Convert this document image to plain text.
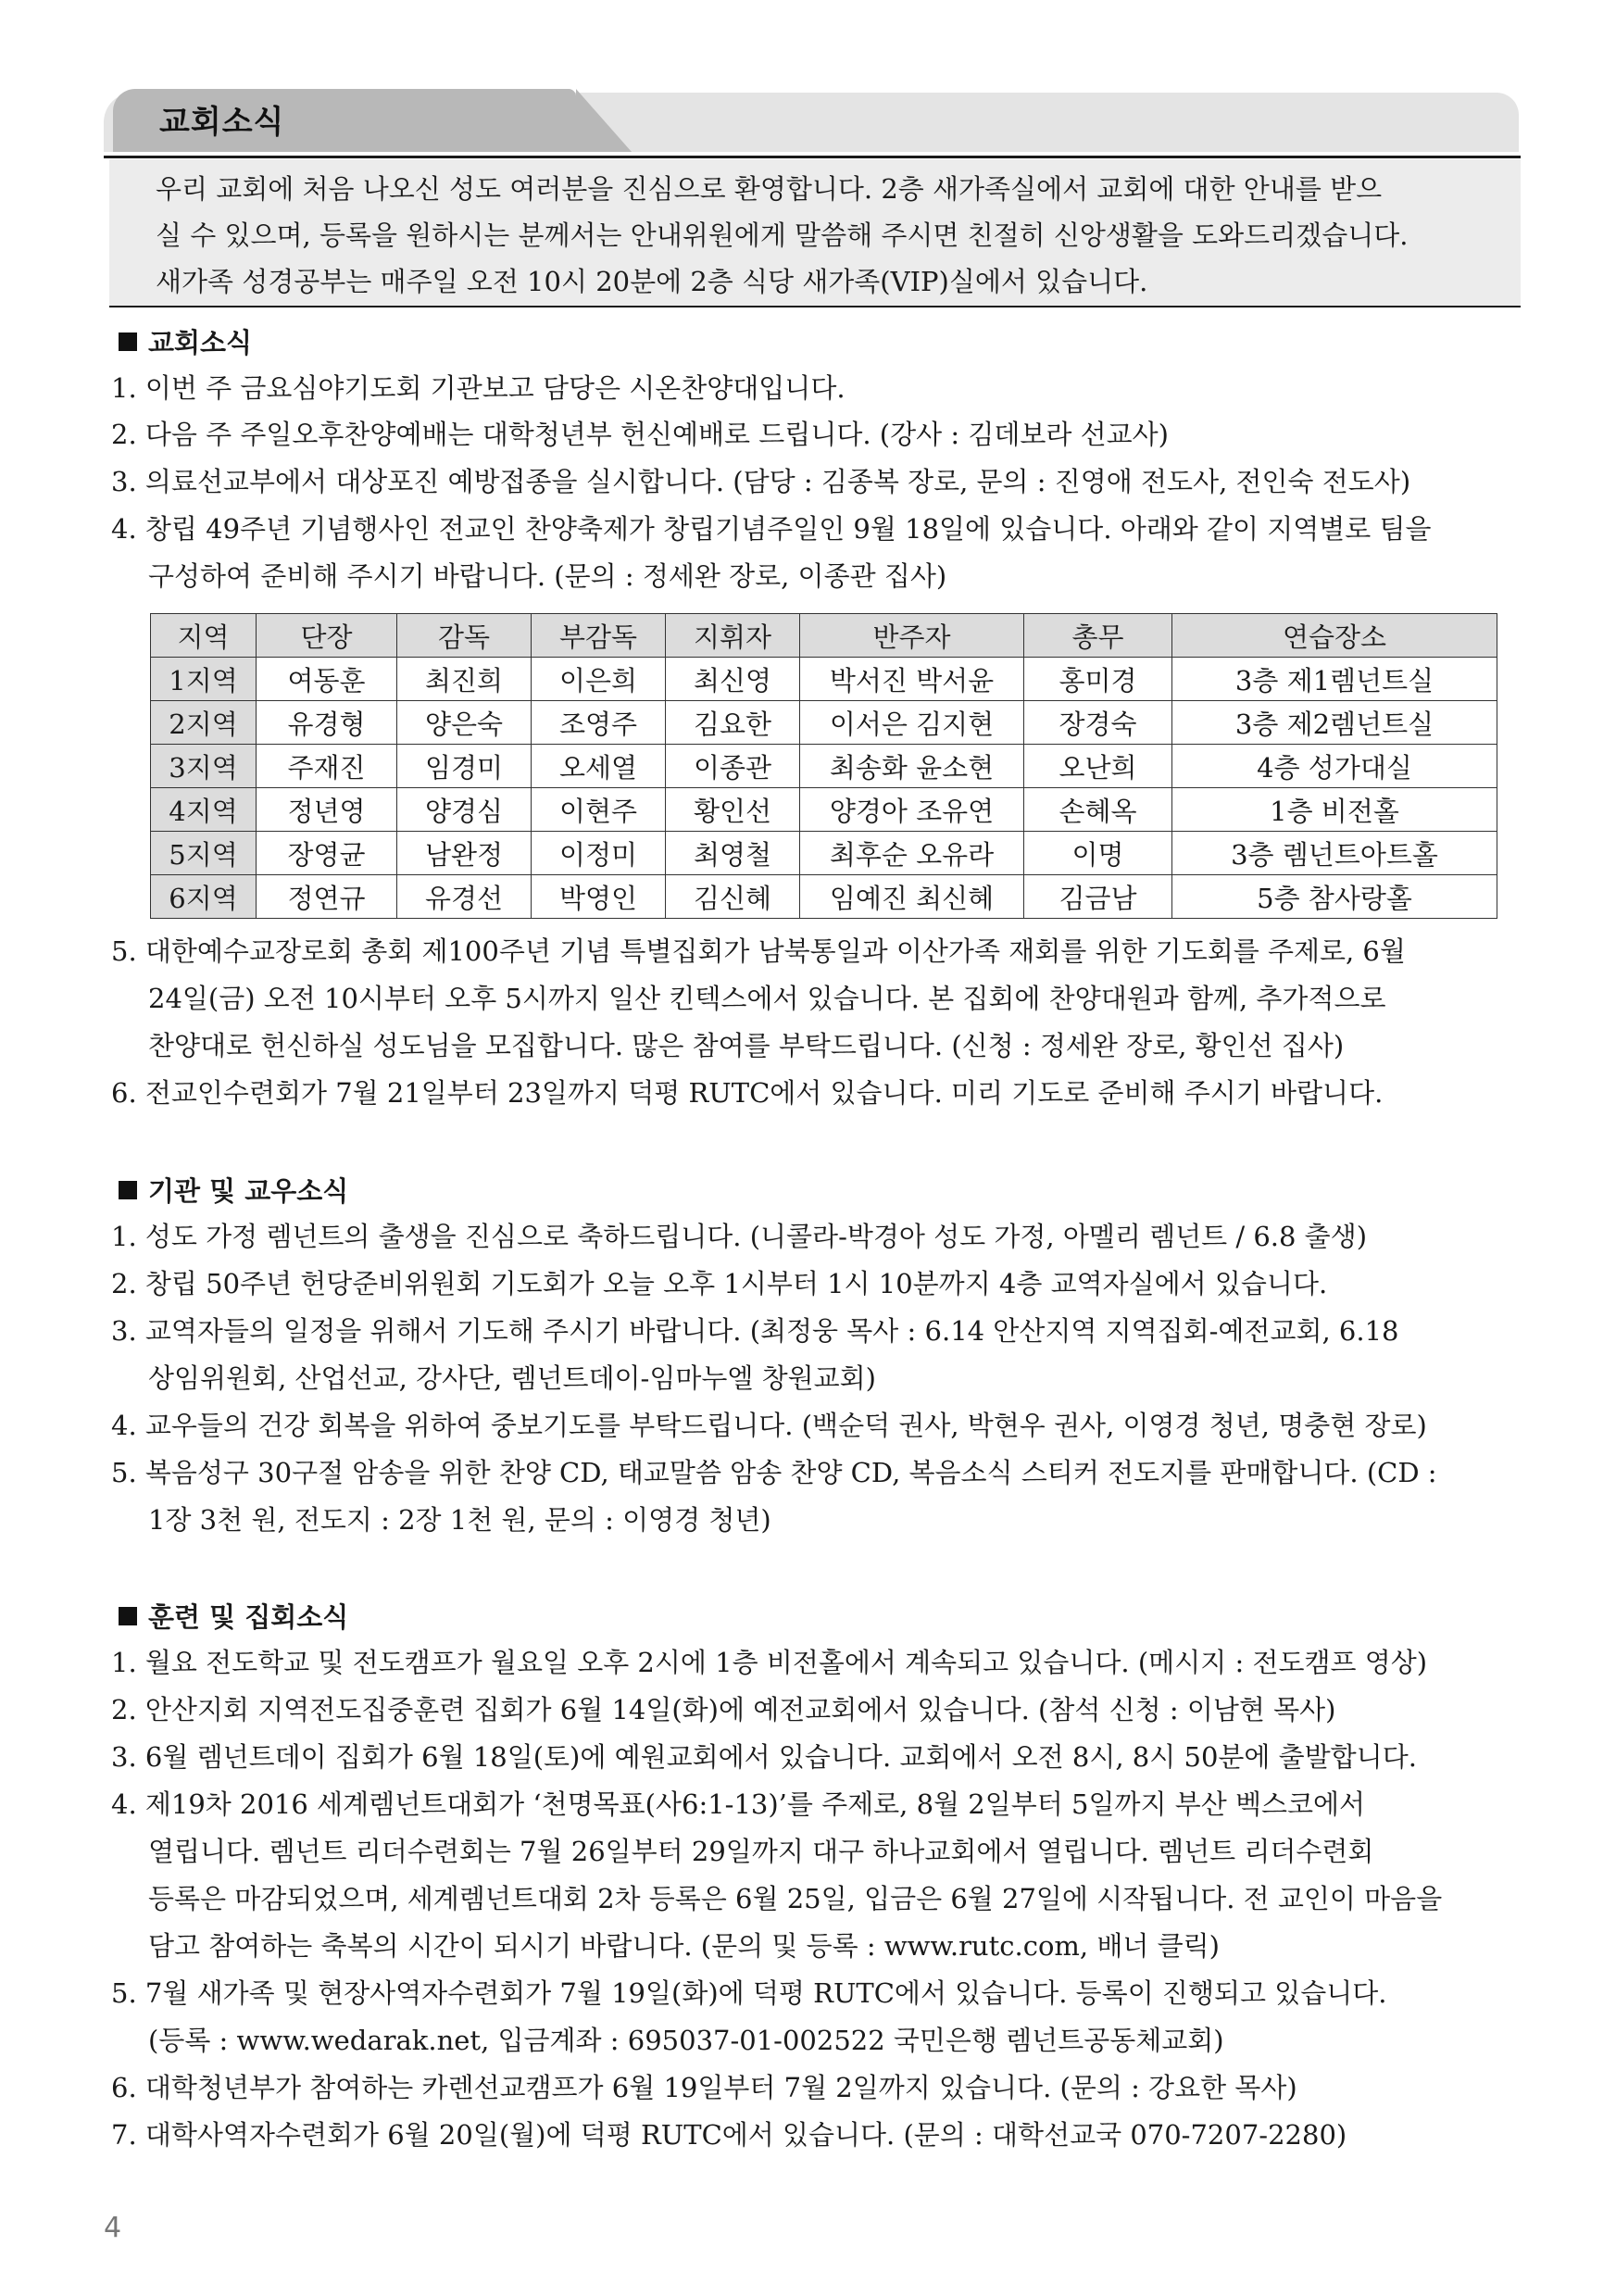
교회소식
우리 교회에 처음 나오신 성도 여러분을 진심으로 환영합니다. 2층 새가족실에서 교회에 대한 안내를 받으
실 수 있으며, 등록을 원하시는 분께서는 안내위원에게 말씀해 주시면 친절히 신앙생활을 도와드리겠습니다.
새가족 성경공부는 매주일 오전 10시 20분에 2층 식당 새가족(VIP)실에서 있습니다.
교회소식
1. 이번 주 금요심야기도회 기관보고 담당은 시온찬양대입니다.
2. 다음 주 주일오후찬양예배는 대학청년부 헌신예배로 드립니다. (강사 : 김데보라 선교사)
3. 의료선교부에서 대상포진 예방접종을 실시합니다. (담당 : 김종복 장로, 문의 : 진영애 전도사, 전인숙 전도사)
4. 창립 49주년 기념행사인 전교인 찬양축제가 창립기념주일인 9월 18일에 있습니다. 아래와 같이 지역별로 팀을
구성하여 준비해 주시기 바랍니다. (문의 : 정세완 장로, 이종관 집사)
지역	단장	감독	부감독	지휘자	반주자	총무	연습장소
1지역	여동훈	최진희	이은희	최신영	박서진 박서윤	홍미경	3층 제1렘넌트실
2지역	유경형	양은숙	조영주	김요한	이서은 김지현	장경숙	3층 제2렘넌트실
3지역	주재진	임경미	오세열	이종관	최송화 윤소현	오난희	4층 성가대실
4지역	정년영	양경심	이현주	황인선	양경아 조유연	손혜옥	1층 비전홀
5지역	장영균	남완정	이정미	최영철	최후순 오유라	이명	3층 렘넌트아트홀
6지역	정연규	유경선	박영인	김신혜	임예진 최신혜	김금남	5층 참사랑홀
5. 대한예수교장로회 총회 제100주년 기념 특별집회가 남북통일과 이산가족 재회를 위한 기도회를 주제로, 6월
24일(금) 오전 10시부터 오후 5시까지 일산 킨텍스에서 있습니다. 본 집회에 찬양대원과 함께, 추가적으로
찬양대로 헌신하실 성도님을 모집합니다. 많은 참여를 부탁드립니다. (신청 : 정세완 장로, 황인선 집사)
6. 전교인수련회가 7월 21일부터 23일까지 덕평 RUTC에서 있습니다. 미리 기도로 준비해 주시기 바랍니다.
기관 및 교우소식
1. 성도 가정 렘넌트의 출생을 진심으로 축하드립니다. (니콜라-박경아 성도 가정, 아멜리 렘넌트 / 6.8 출생)
2. 창립 50주년 헌당준비위원회 기도회가 오늘 오후 1시부터 1시 10분까지 4층 교역자실에서 있습니다.
3. 교역자들의 일정을 위해서 기도해 주시기 바랍니다. (최정웅 목사 : 6.14 안산지역 지역집회-예전교회, 6.18
상임위원회, 산업선교, 강사단, 렘넌트데이-임마누엘 창원교회)
4. 교우들의 건강 회복을 위하여 중보기도를 부탁드립니다. (백순덕 권사, 박현우 권사, 이영경 청년, 명충현 장로)
5. 복음성구 30구절 암송을 위한 찬양 CD, 태교말씀 암송 찬양 CD, 복음소식 스티커 전도지를 판매합니다. (CD :
1장 3천 원, 전도지 : 2장 1천 원, 문의 : 이영경 청년)
훈련 및 집회소식
1. 월요 전도학교 및 전도캠프가 월요일 오후 2시에 1층 비전홀에서 계속되고 있습니다. (메시지 : 전도캠프 영상)
2. 안산지회 지역전도집중훈련 집회가 6월 14일(화)에 예전교회에서 있습니다. (참석 신청 : 이남현 목사)
3. 6월 렘넌트데이 집회가 6월 18일(토)에 예원교회에서 있습니다. 교회에서 오전 8시, 8시 50분에 출발합니다.
4. 제19차 2016 세계렘넌트대회가 ‘천명목표(사6:1-13)’를 주제로, 8월 2일부터 5일까지 부산 벡스코에서
열립니다. 렘넌트 리더수련회는 7월 26일부터 29일까지 대구 하나교회에서 열립니다. 렘넌트 리더수련회
등록은 마감되었으며, 세계렘넌트대회 2차 등록은 6월 25일, 입금은 6월 27일에 시작됩니다. 전 교인이 마음을
담고 참여하는 축복의 시간이 되시기 바랍니다. (문의 및 등록 : www.rutc.com, 배너 클릭)
5. 7월 새가족 및 현장사역자수련회가 7월 19일(화)에 덕평 RUTC에서 있습니다. 등록이 진행되고 있습니다.
(등록 : www.wedarak.net, 입금계좌 : 695037-01-002522 국민은행 렘넌트공동체교회)
6. 대학청년부가 참여하는 카렌선교캠프가 6월 19일부터 7월 2일까지 있습니다. (문의 : 강요한 목사)
7. 대학사역자수련회가 6월 20일(월)에 덕평 RUTC에서 있습니다. (문의 : 대학선교국 070-7207-2280)
4
